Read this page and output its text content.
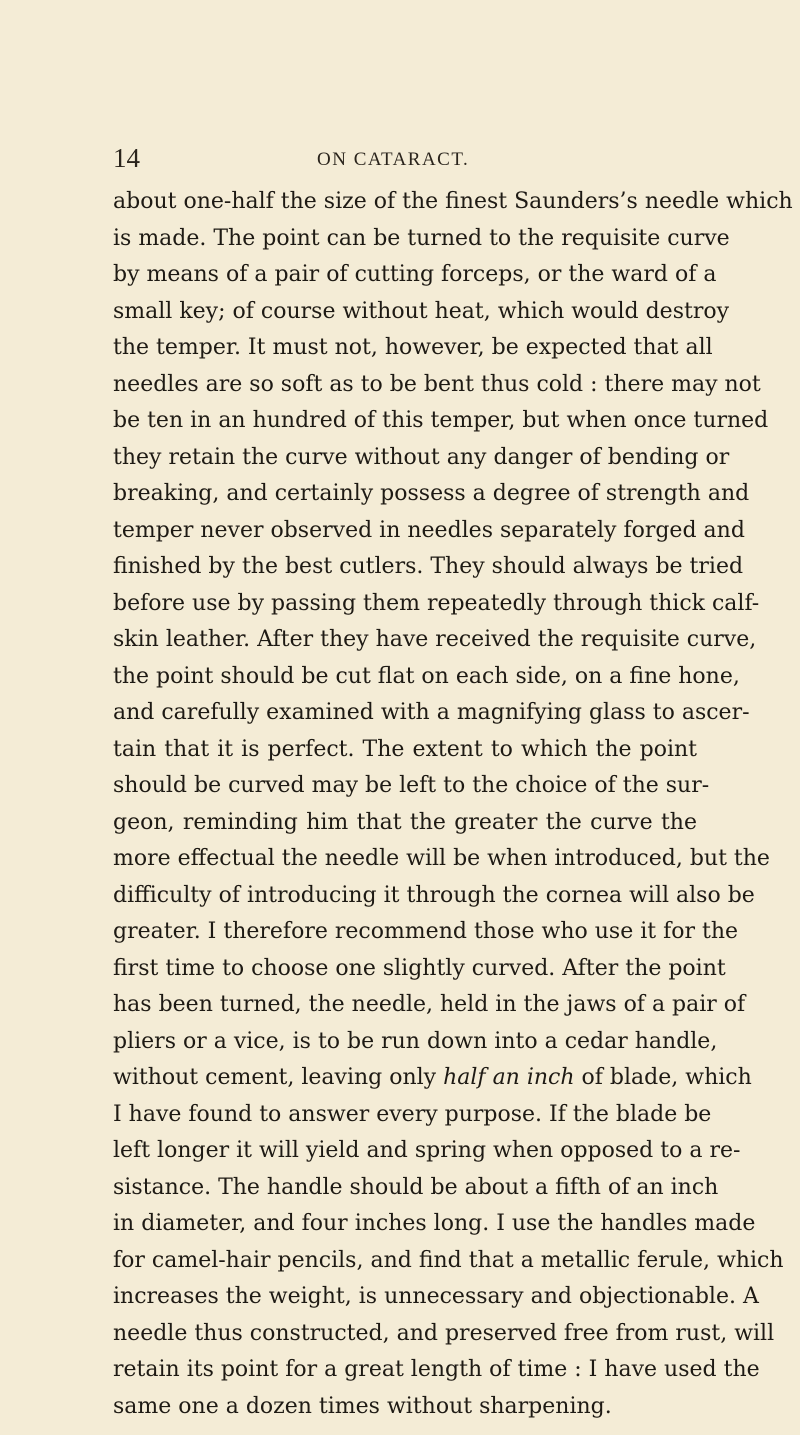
14	ON CATARACT.
about one-half the size of the finest Saunders’s needle which
is made. The point can be turned to the requisite curve
by means of a pair of cutting forceps, or the ward of a
small key; of course without heat, which would destroy
the temper. It must not, however, be expected that all
needles are so soft as to be bent thus cold : there may not
be ten in an hundred of this temper, but when once turned
they retain the curve without any danger of bending or
breaking, and certainly possess a degree of strength and
temper never observed in needles separately forged and
finished by the best cutlers. They should always be tried
before use by passing them repeatedly through thick calf-
skin leather. After they have received the requisite curve,
the point should be cut flat on each side, on a fine hone,
and carefully examined with a magnifying glass to ascer-
tain that it is perfect. The extent to which the point
should be curved may be left to the choice of the sur-
geon, reminding him that the greater the curve the
more effectual the needle will be when introduced, but the
difficulty of introducing it through the cornea will also be
greater. I therefore recommend those who use it for the
first time to choose one slightly curved. After the point
has been turned, the needle, held in the jaws of a pair of
pliers or a vice, is to be run down into a cedar handle,
without cement, leaving only half an inch of blade, which
I have found to answer every purpose. If the blade be
left longer it will yield and spring when opposed to a re-
sistance. The handle should be about a fifth of an inch
in diameter, and four inches long. I use the handles made
for camel-hair pencils, and find that a metallic ferule, which
increases the weight, is unnecessary and objectionable. A
needle thus constructed, and preserved free from rust, will
retain its point for a great length of time : I have used the
same one a dozen times without sharpening.
